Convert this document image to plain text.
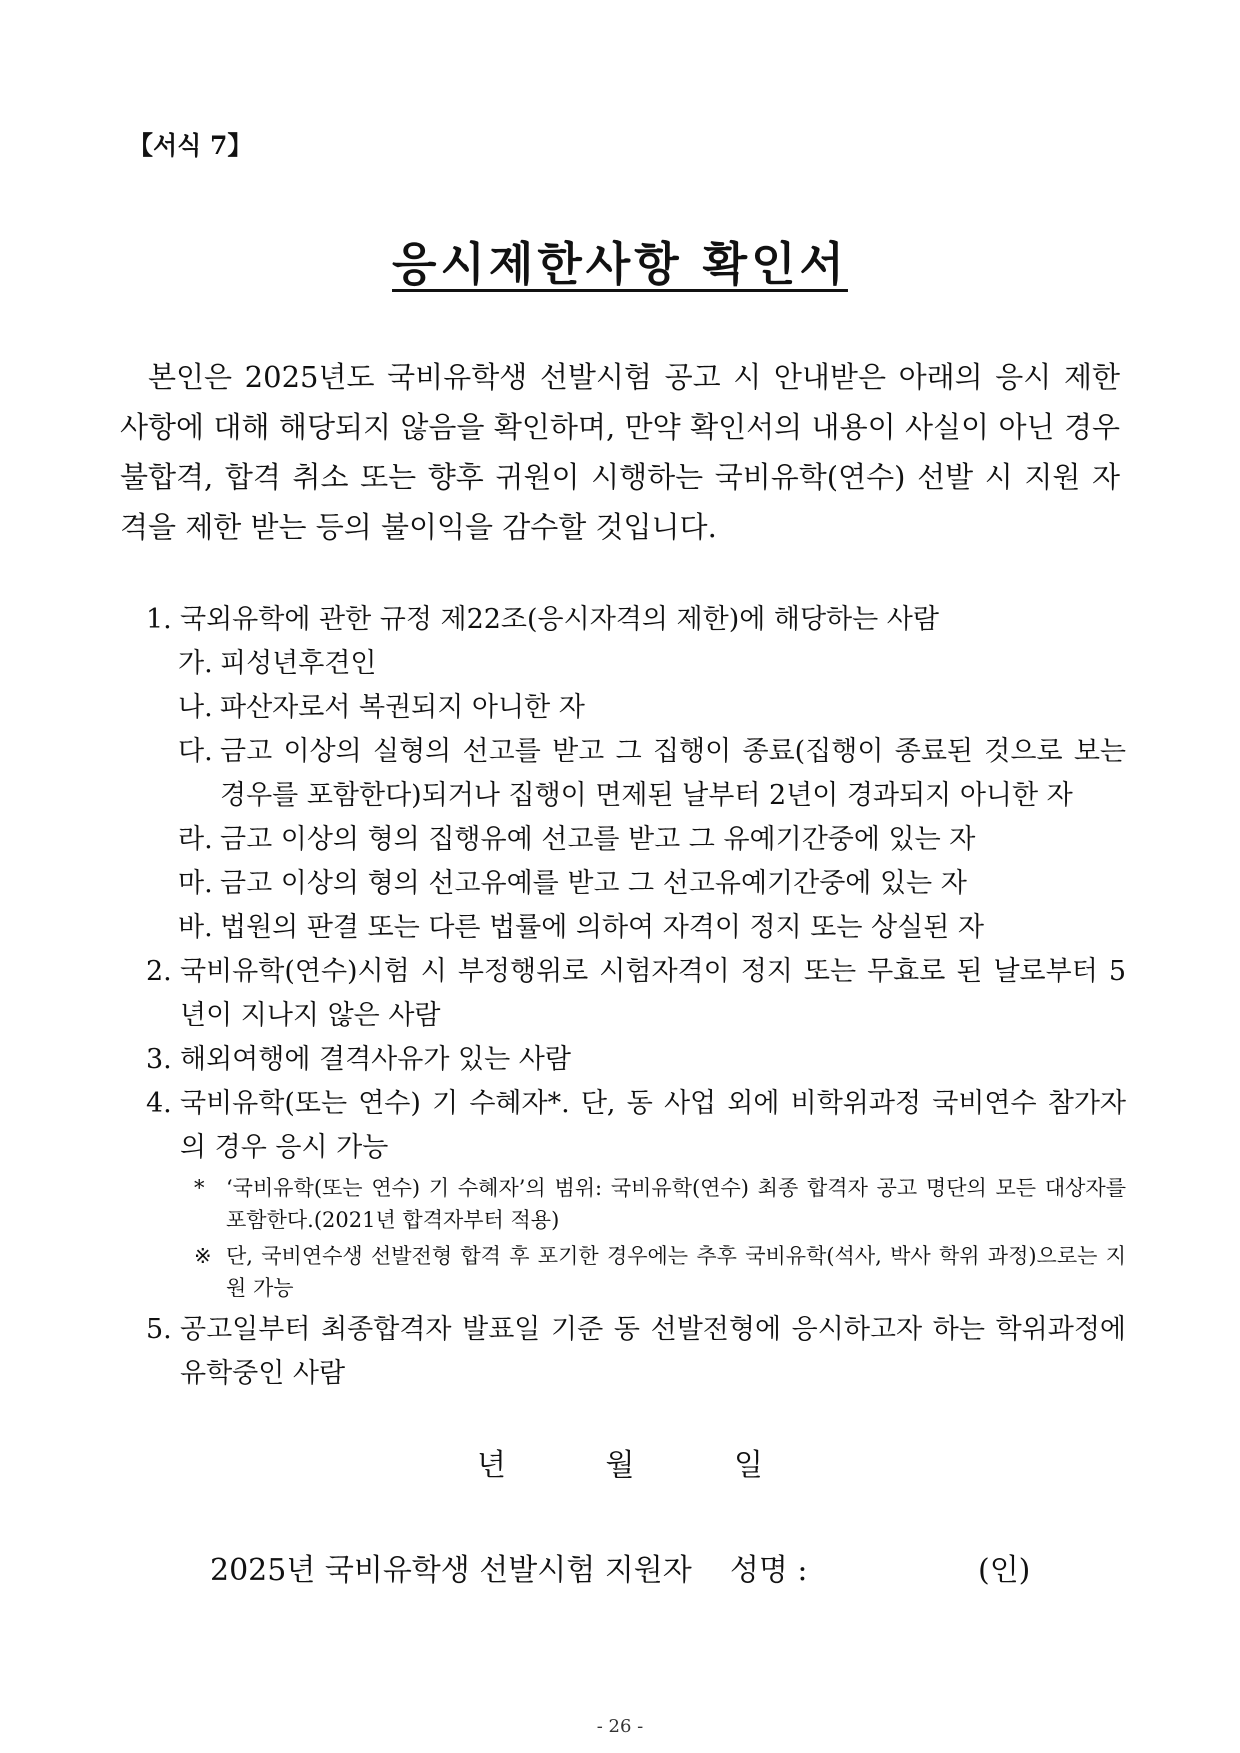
【서식 7】
응시제한사항 확인서
본인은 2025년도 국비유학생 선발시험 공고 시 안내받은 아래의 응시 제한 사항에 대해 해당되지 않음을 확인하며, 만약 확인서의 내용이 사실이 아닌 경우 불합격, 합격 취소 또는 향후 귀원이 시행하는 국비유학(연수) 선발 시 지원 자격을 제한 받는 등의 불이익을 감수할 것입니다.
1. 국외유학에 관한 규정 제22조(응시자격의 제한)에 해당하는 사람
가. 피성년후견인
나. 파산자로서 복권되지 아니한 자
다. 금고 이상의 실형의 선고를 받고 그 집행이 종료(집행이 종료된 것으로 보는 경우를 포함한다)되거나 집행이 면제된 날부터 2년이 경과되지 아니한 자
라. 금고 이상의 형의 집행유예 선고를 받고 그 유예기간중에 있는 자
마. 금고 이상의 형의 선고유예를 받고 그 선고유예기간중에 있는 자
바. 법원의 판결 또는 다른 법률에 의하여 자격이 정지 또는 상실된 자
2. 국비유학(연수)시험 시 부정행위로 시험자격이 정지 또는 무효로 된 날로부터 5년이 지나지 않은 사람
3. 해외여행에 결격사유가 있는 사람
4. 국비유학(또는 연수) 기 수혜자*. 단, 동 사업 외에 비학위과정 국비연수 참가자의 경우 응시 가능
*	‘국비유학(또는 연수) 기 수혜자’의 범위: 국비유학(연수) 최종 합격자 공고 명단의 모든 대상자를 포함한다.(2021년 합격자부터 적용)
※ 단, 국비연수생 선발전형 합격 후 포기한 경우에는 추후 국비유학(석사, 박사 학위 과정)으로는 지원 가능
5. 공고일부터 최종합격자 발표일 기준 동 선발전형에 응시하고자 하는 학위과정에 유학중인 사람
년	월	일
2025년 국비유학생 선발시험 지원자    성명 :	(인)
- 26 -
